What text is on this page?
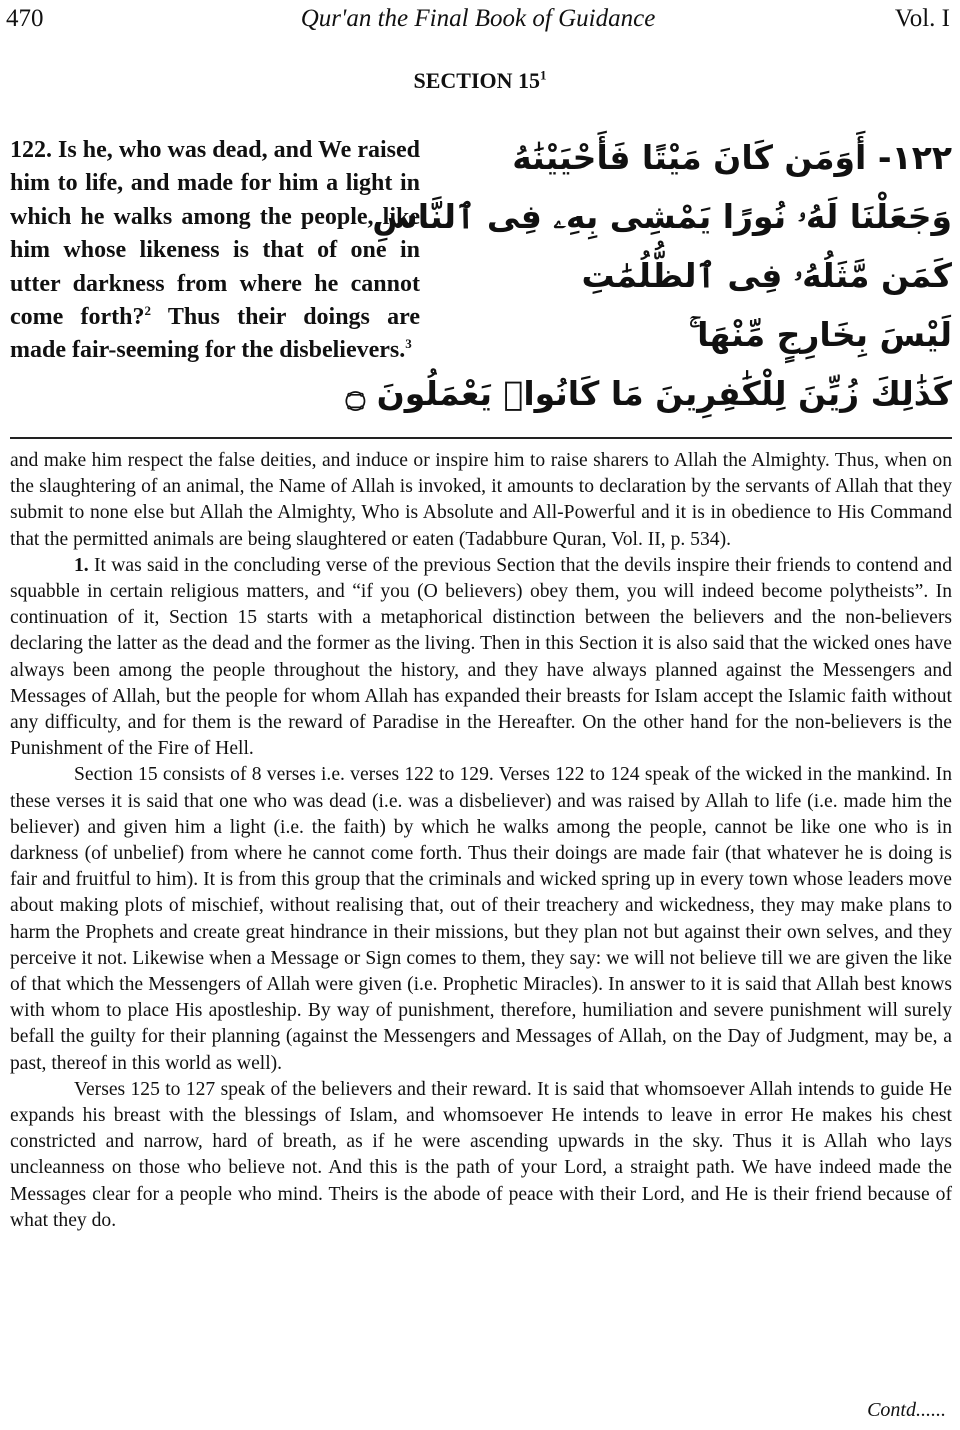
470	Qur'an the Final Book of Guidance	Vol. I
SECTION $15^1$

122. Is he, who was dead, and We raised him to life, and made for him a light in which he walks among the people, like him whose likeness is that of one in utter darkness from where he cannot come forth?$^2$ Thus their doings are made fair-seeming for the disbelievers.$^3$

١٢٢- أَوَمَن كَانَ مَيْتًا فَأَحْيَيْنَٰهُ
وَجَعَلْنَا لَهُۥ نُورًا يَمْشِى بِهِۦ فِى ٱلنَّاسِ
كَمَن مَّثَلُهُۥ فِى ٱلظُّلُمَٰتِ
لَيْسَ بِخَارِجٍ مِّنْهَا ۚ
كَذَٰلِكَ زُيِّنَ لِلْكَٰفِرِينَ مَا كَانُوا۟ يَعْمَلُونَ ۝

and make him respect the false deities, and induce or inspire him to raise sharers to Allah the Almighty. Thus, when on the slaughtering of an animal, the Name of Allah is invoked, it amounts to declaration by the servants of Allah that they submit to none else but Allah the Almighty, Who is Absolute and All-Powerful and it is in obedience to His Command that the permitted animals are being slaughtered or eaten (Tadabbure Quran, Vol. II, p. 534).

1. It was said in the concluding verse of the previous Section that the devils inspire their friends to contend and squabble in certain religious matters, and “if you (O believers) obey them, you will indeed become polytheists”. In continuation of it, Section 15 starts with a metaphorical distinction between the believers and the non-believers declaring the latter as the dead and the former as the living. Then in this Section it is also said that the wicked ones have always been among the people throughout the history, and they have always planned against the Messengers and Messages of Allah, but the people for whom Allah has expanded their breasts for Islam accept the Islamic faith without any difficulty, and for them is the reward of Paradise in the Hereafter. On the other hand for the non-believers is the Punishment of the Fire of Hell.

Section 15 consists of 8 verses i.e. verses 122 to 129. Verses 122 to 124 speak of the wicked in the mankind. In these verses it is said that one who was dead (i.e. was a disbeliever) and was raised by Allah to life (i.e. made him the believer) and given him a light (i.e. the faith) by which he walks among the people, cannot be like one who is in darkness (of unbelief) from where he cannot come forth. Thus their doings are made fair (that whatever he is doing is fair and fruitful to him). It is from this group that the criminals and wicked spring up in every town whose leaders move about making plots of mischief, without realising that, out of their treachery and wickedness, they may make plans to harm the Prophets and create great hindrance in their missions, but they plan not but against their own selves, and they perceive it not. Likewise when a Message or Sign comes to them, they say: we will not believe till we are given the like of that which the Messengers of Allah were given (i.e. Prophetic Miracles). In answer to it is said that Allah best knows with whom to place His apostleship. By way of punishment, therefore, humiliation and severe punishment will surely befall the guilty for their planning (against the Messengers and Messages of Allah, on the Day of Judgment, may be, a past, thereof in this world as well).

Verses 125 to 127 speak of the believers and their reward. It is said that whomsoever Allah intends to guide He expands his breast with the blessings of Islam, and whomsoever He intends to leave in error He makes his chest constricted and narrow, hard of breath, as if he were ascending upwards in the sky. Thus it is Allah who lays uncleanness on those who believe not. And this is the path of your Lord, a straight path. We have indeed made the Messages clear for a people who mind. Theirs is the abode of peace with their Lord, and He is their friend because of what they do.

Contd......
